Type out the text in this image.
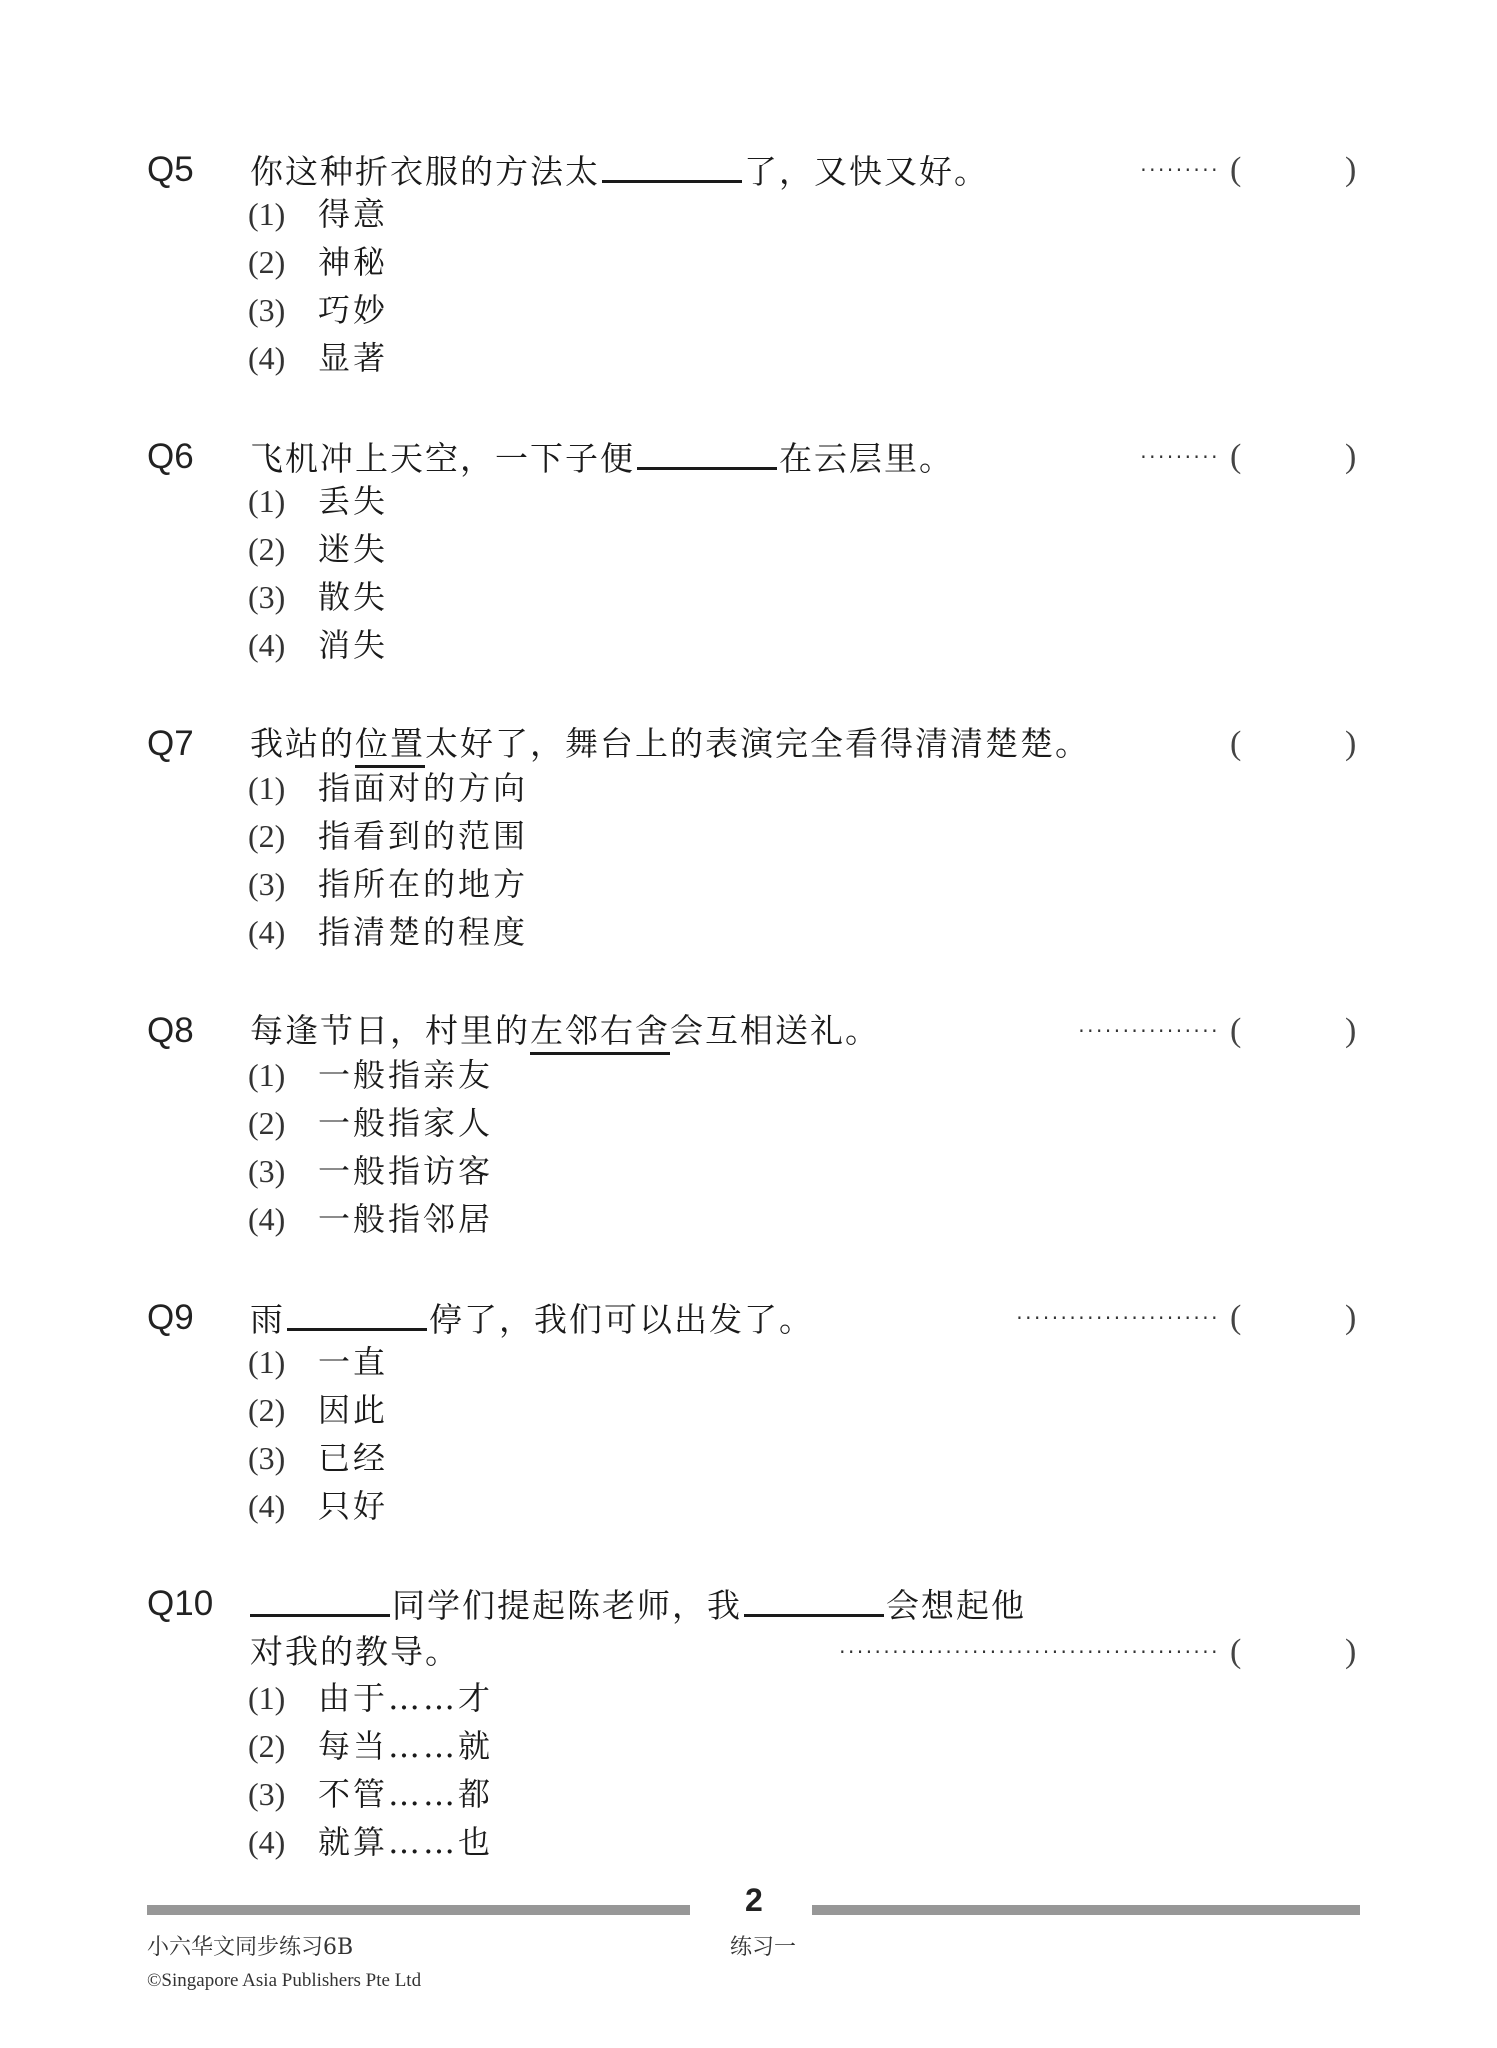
Q5 你这种折衣服的方法太	了，又快又好。	········· (	)
(1) 得意
(2) 神秘
(3) 巧妙
(4) 显著
Q6 飞机冲上天空，一下子便	在云层里。	········· (	)
(1) 丢失
(2) 迷失
(3) 散失
(4) 消失
Q7 我站的位置太好了，舞台上的表演完全看得清清楚楚。	(	)
(1) 指面对的方向
(2) 指看到的范围
(3) 指所在的地方
(4) 指清楚的程度
Q8 每逢节日，村里的左邻右舍会互相送礼。	················ (	)
(1) 一般指亲友
(2) 一般指家人
(3) 一般指访客
(4) 一般指邻居
Q9 雨	停了，我们可以出发了。	······················· (	)
(1) 一直
(2) 因此
(3) 已经
(4) 只好
Q10	同学们提起陈老师，我	会想起他
对我的教导。	··········································· (	)
(1) 由于……才
(2) 每当……就
(3) 不管……都
(4) 就算……也
2
小六华文同步练习6B	练习一
©Singapore Asia Publishers Pte Ltd
